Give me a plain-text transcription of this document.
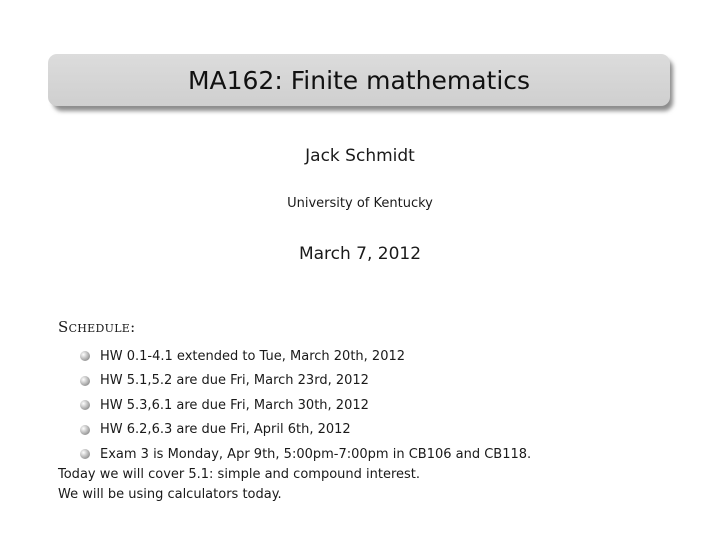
MA162: Finite mathematics
Jack Schmidt
University of Kentucky
March 7, 2012
Schedule:
HW 0.1-4.1 extended to Tue, March 20th, 2012
HW 5.1,5.2 are due Fri, March 23rd, 2012
HW 5.3,6.1 are due Fri, March 30th, 2012
HW 6.2,6.3 are due Fri, April 6th, 2012
Exam 3 is Monday, Apr 9th, 5:00pm-7:00pm in CB106 and CB118.
Today we will cover 5.1: simple and compound interest.
We will be using calculators today.
